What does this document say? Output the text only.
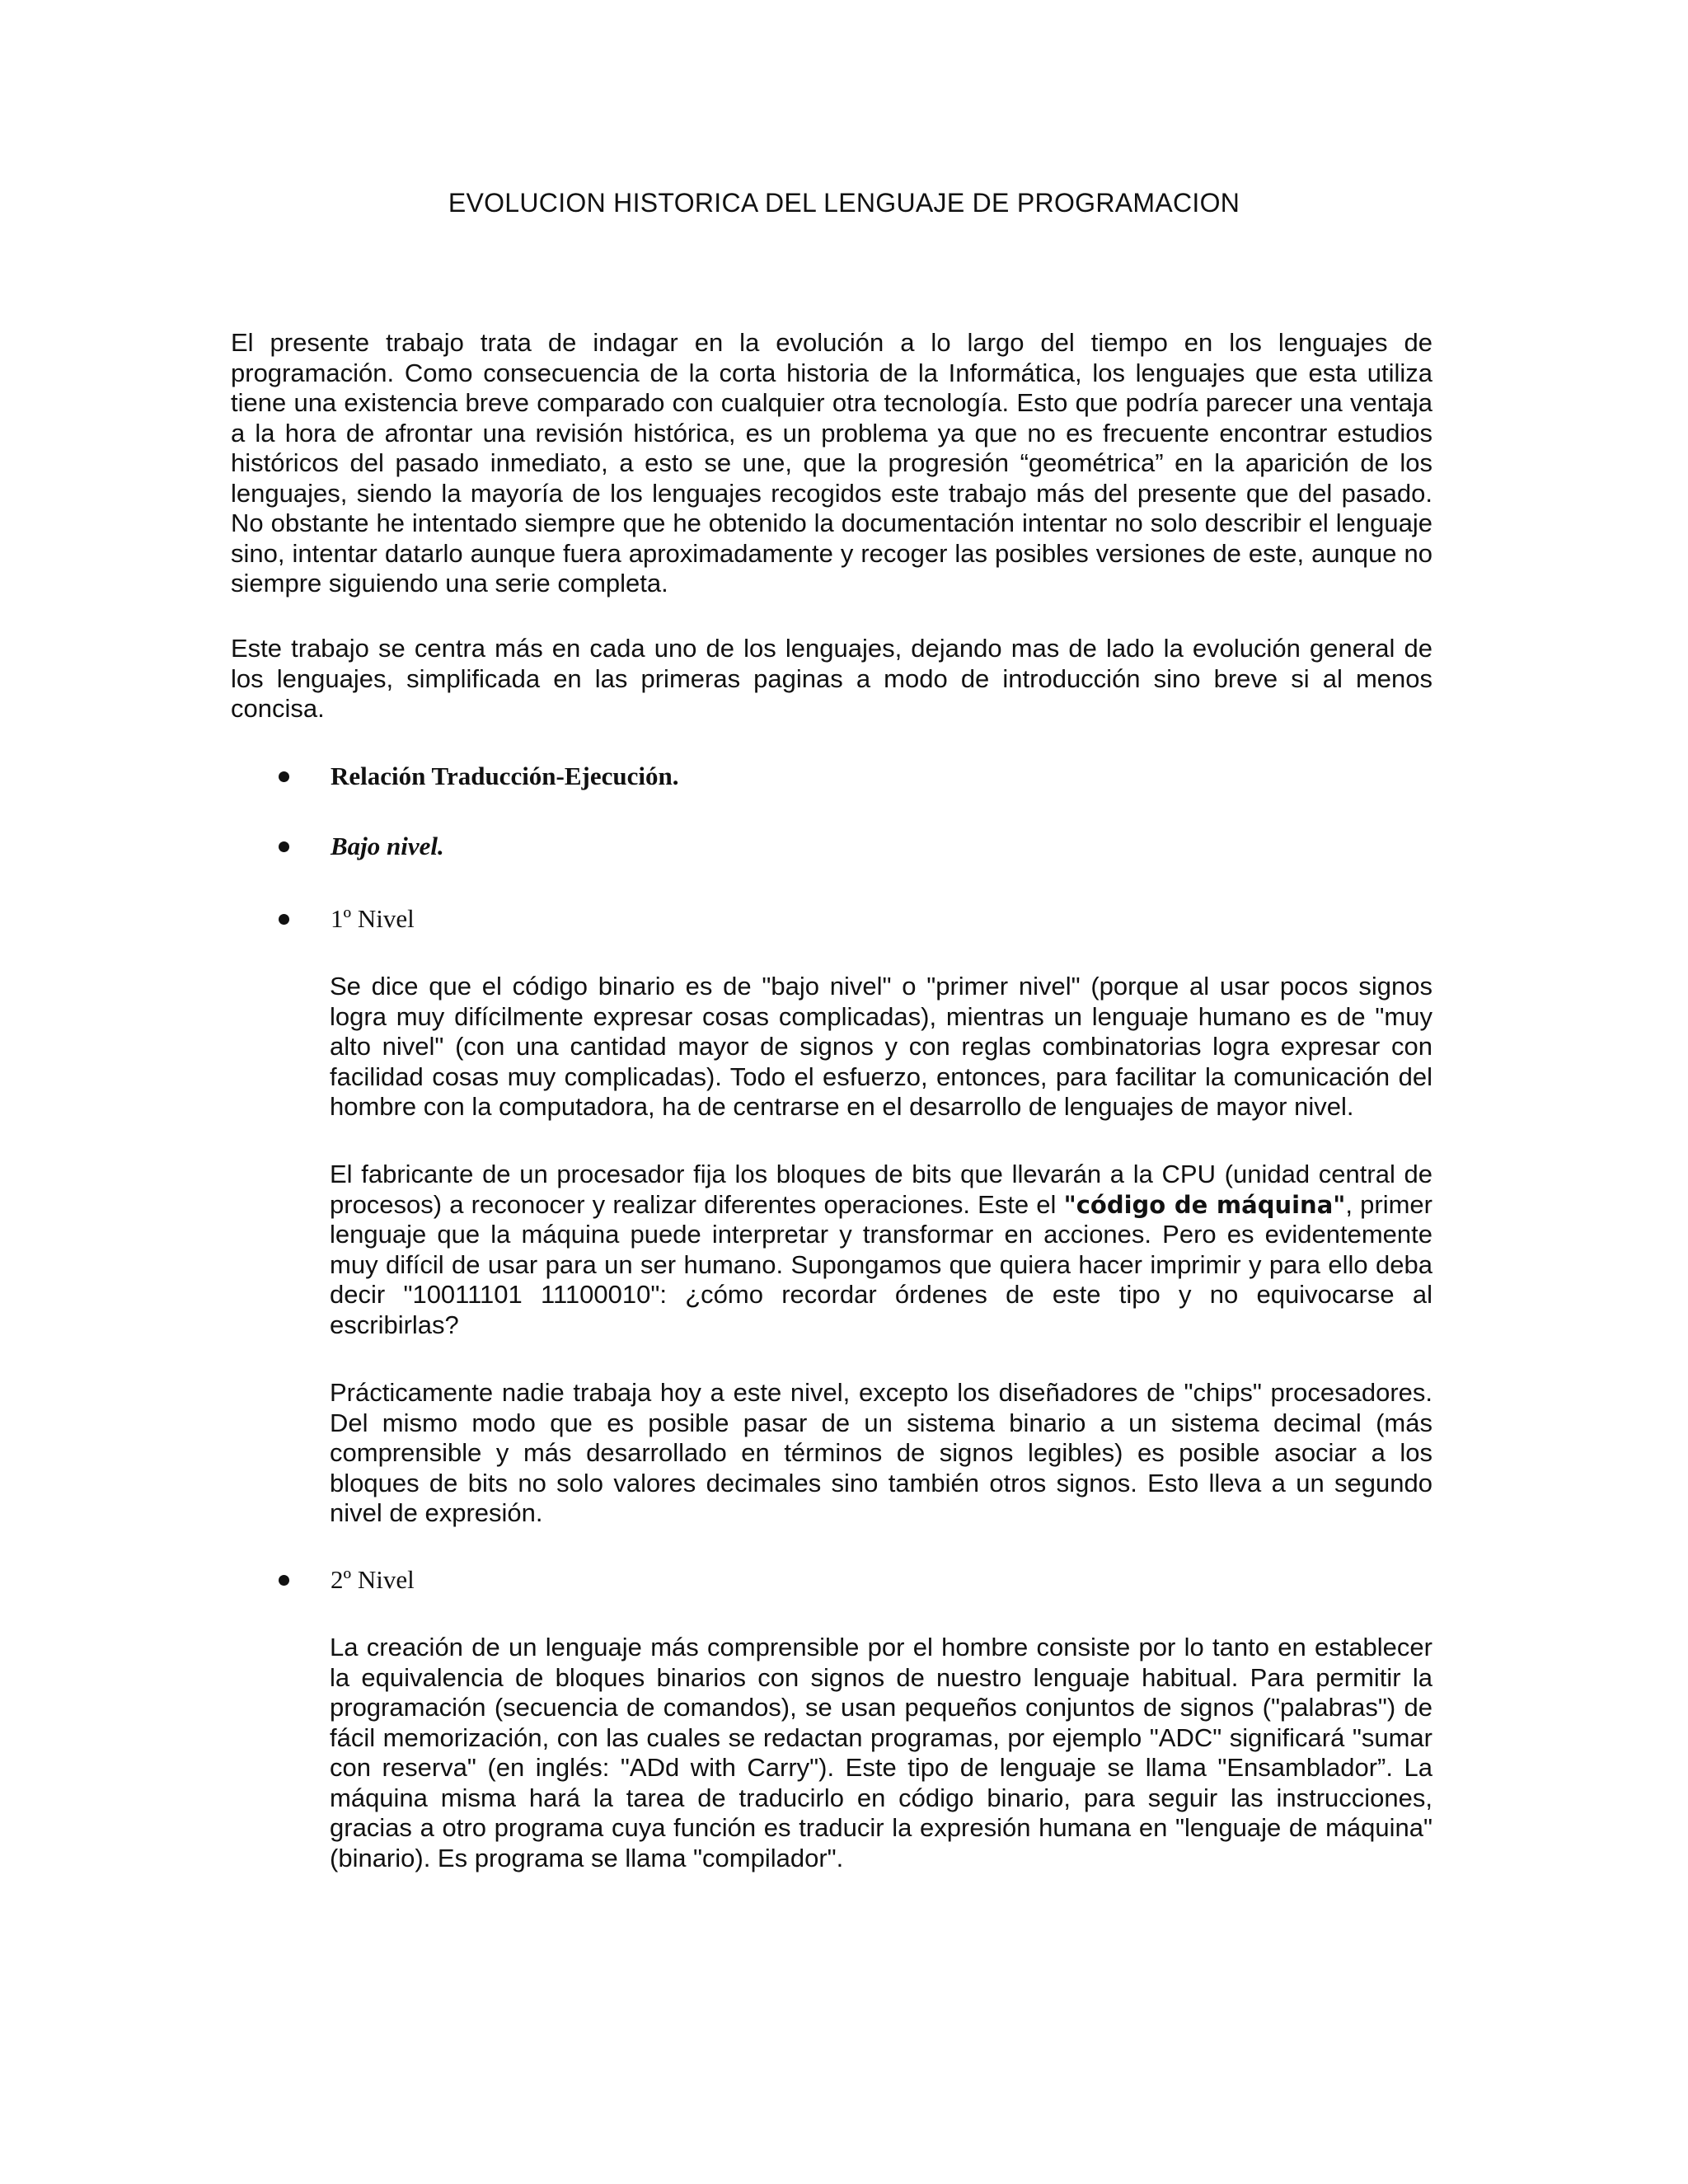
EVOLUCION HISTORICA DEL LENGUAJE DE PROGRAMACION

El presente trabajo trata de indagar en la evolución a lo largo del tiempo en los lenguajes de programación. Como consecuencia de la corta historia de la Informática, los lenguajes que esta utiliza tiene una existencia breve comparado con cualquier otra tecnología. Esto que podría parecer una ventaja a la hora de afrontar una revisión histórica, es un problema ya que no es frecuente encontrar estudios históricos del pasado inmediato, a esto se une, que la progresión “geométrica” en la aparición de los lenguajes, siendo la mayoría de los lenguajes recogidos este trabajo más del presente que del pasado. No obstante he intentado siempre que he obtenido la documentación intentar no solo describir el lenguaje sino, intentar datarlo aunque fuera aproximadamente y recoger las posibles versiones de este, aunque no siempre siguiendo una serie completa.

Este trabajo se centra más en cada uno de los lenguajes, dejando mas de lado la evolución general de los lenguajes, simplificada en las primeras paginas a modo de introducción sino breve si al menos concisa.

Relación Traducción-Ejecución.
Bajo nivel.
1º Nivel

Se dice que el código binario es de "bajo nivel" o "primer nivel" (porque al usar pocos signos logra muy difícilmente expresar cosas complicadas), mientras un lenguaje humano es de "muy alto nivel" (con una cantidad mayor de signos y con reglas combinatorias logra expresar con facilidad cosas muy complicadas). Todo el esfuerzo, entonces, para facilitar la comunicación del hombre con la computadora, ha de centrarse en el desarrollo de lenguajes de mayor nivel.

El fabricante de un procesador fija los bloques de bits que llevarán a la CPU (unidad central de procesos) a reconocer y realizar diferentes operaciones. Este el "código de máquina", primer lenguaje que la máquina puede interpretar y transformar en acciones. Pero es evidentemente muy difícil de usar para un ser humano. Supongamos que quiera hacer imprimir y para ello deba decir "10011101 11100010": ¿cómo recordar órdenes de este tipo y no equivocarse al escribirlas?

Prácticamente nadie trabaja hoy a este nivel, excepto los diseñadores de "chips" procesadores. Del mismo modo que es posible pasar de un sistema binario a un sistema decimal (más comprensible y más desarrollado en términos de signos legibles) es posible asociar a los bloques de bits no solo valores decimales sino también otros signos. Esto lleva a un segundo nivel de expresión.

2º Nivel

La creación de un lenguaje más comprensible por el hombre consiste por lo tanto en establecer la equivalencia de bloques binarios con signos de nuestro lenguaje habitual. Para permitir la programación (secuencia de comandos), se usan pequeños conjuntos de signos ("palabras") de fácil memorización, con las cuales se redactan programas, por ejemplo "ADC" significará "sumar con reserva" (en inglés: "ADd with Carry"). Este tipo de lenguaje se llama "Ensamblador”. La máquina misma hará la tarea de traducirlo en código binario, para seguir las instrucciones, gracias a otro programa cuya función es traducir la expresión humana en "lenguaje de máquina" (binario). Es programa se llama "compilador".
